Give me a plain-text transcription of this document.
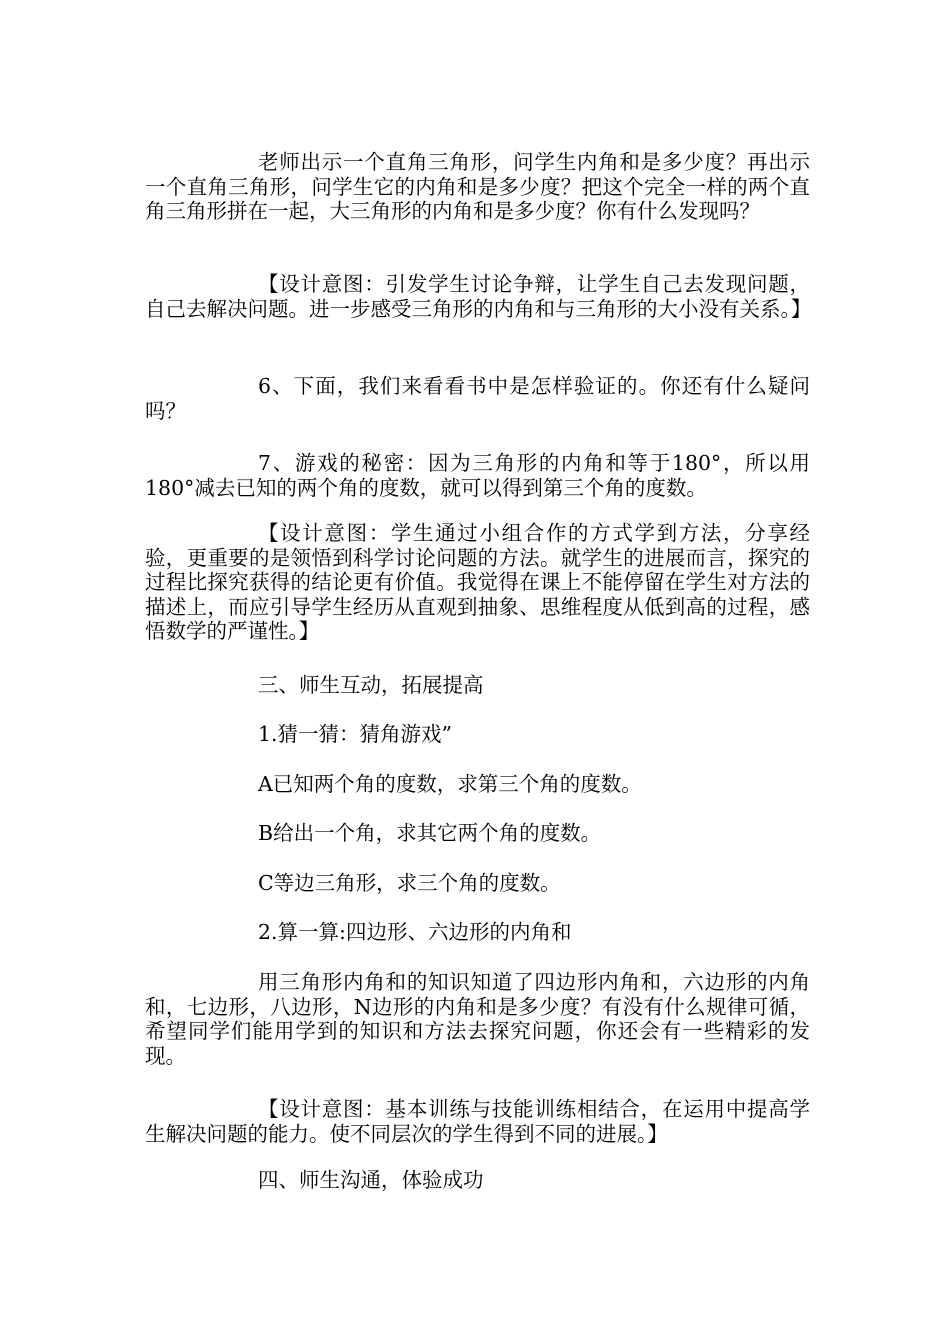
老师出示一个直角三角形，问学生内角和是多少度？再出示一个直角三角形，问学生它的内角和是多少度？把这个完全一样的两个直角三角形拼在一起，大三角形的内角和是多少度？你有什么发现吗？

【设计意图：引发学生讨论争辩，让学生自己去发现问题，自己去解决问题。进一步感受三角形的内角和与三角形的大小没有关系。】

6、下面，我们来看看书中是怎样验证的。你还有什么疑问吗？

7、游戏的秘密：因为三角形的内角和等于180°，所以用180°减去已知的两个角的度数，就可以得到第三个角的度数。

【设计意图：学生通过小组合作的方式学到方法，分享经验，更重要的是领悟到科学讨论问题的方法。就学生的进展而言，探究的过程比探究获得的结论更有价值。我觉得在课上不能停留在学生对方法的描述上，而应引导学生经历从直观到抽象、思维程度从低到高的过程，感悟数学的严谨性。】

三、师生互动，拓展提高

1.猜一猜：猜角游戏”

A已知两个角的度数，求第三个角的度数。

B给出一个角，求其它两个角的度数。

C等边三角形，求三个角的度数。

2.算一算:四边形、六边形的内角和

用三角形内角和的知识知道了四边形内角和，六边形的内角和，七边形，八边形，N边形的内角和是多少度？有没有什么规律可循，希望同学们能用学到的知识和方法去探究问题，你还会有一些精彩的发现。

【设计意图：基本训练与技能训练相结合，在运用中提高学生解决问题的能力。使不同层次的学生得到不同的进展。】

四、师生沟通，体验成功
